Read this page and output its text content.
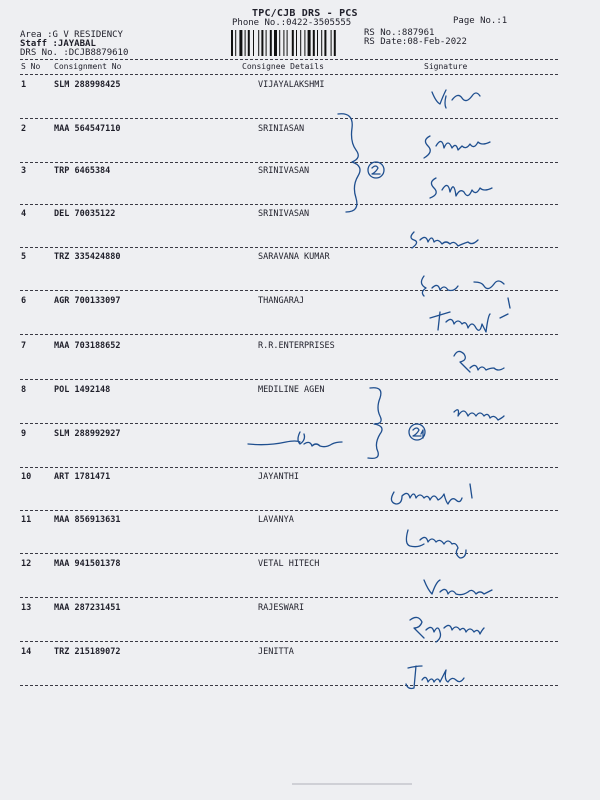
TPC/CJB DRS - PCS
Phone No.:0422-3505555	Page No.:1
Area :G V RESIDENCY
Staff :JAYABAL
DRS No. :DCJB8879610
RS No.:887961
RS Date:08-Feb-2022
S No Consignment No	Consignee Details	Signature
1	SLM 288998425	VIJAYALAKSHMI
2	MAA 564547110	SRINIASAN
3	TRP 6465384	SRINIVASAN
4	DEL 70035122	SRINIVASAN
5	TRZ 335424880	SARAVANA KUMAR
6	AGR 700133097	THANGARAJ
7	MAA 703188652	R.R.ENTERPRISES
8	POL 1492148	MEDILINE AGEN
9	SLM 288992927
10	ART 1781471	JAYANTHI
11	MAA 856913631	LAVANYA
12	MAA 941501378	VETAL HITECH
13	MAA 287231451	RAJESWARI
14	TRZ 215189072	JENITTA
